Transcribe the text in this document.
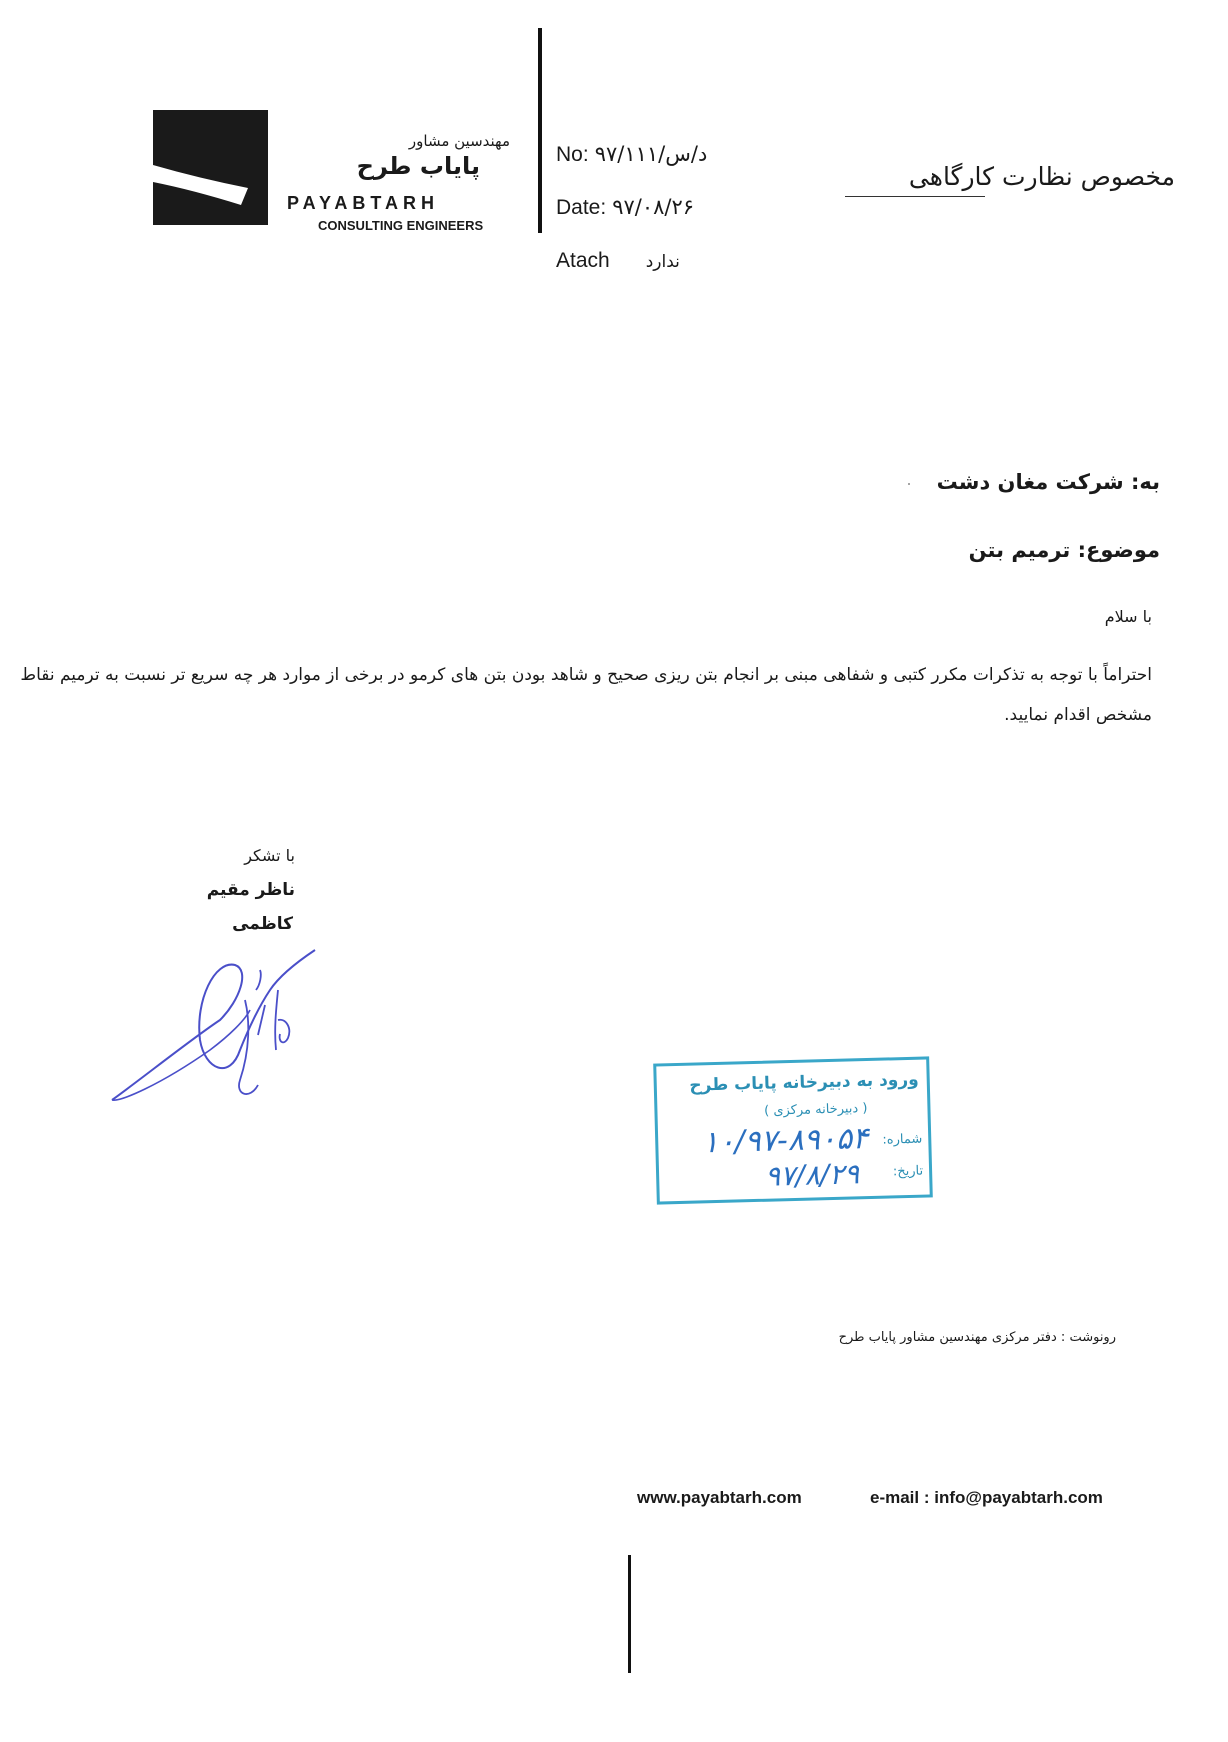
مهندسین مشاور
پایاب طرح
PAYABTARH
CONSULTING ENGINEERS
No: ۹۷/د/س/۱۱۱
Date: ۹۷/۰۸/۲۶
Atach ندارد
مخصوص نظارت کارگاهی
به: شرکت مغان دشت
موضوع: ترمیم بتن
با سلام
احتراماً با توجه به تذکرات مکرر کتبی و شفاهی مبنی بر انجام بتن ریزی صحیح و شاهد بودن بتن های کرمو در برخی از موارد هر چه سریع تر نسبت به ترمیم نقاط مشخص اقدام نمایید.
با تشکر
ناظر مقیم
کاظمی
ورود به دبیرخانه پایاب طرح
( دبیرخانه مرکزی )
شماره:
۱۰/۹۷-۸۹۰۵۴
تاریخ:
۹۷/۸/۲۹
رونوشت : دفتر مرکزی مهندسین مشاور پایاب طرح
www.payabtarh.com	e-mail : info@payabtarh.com
